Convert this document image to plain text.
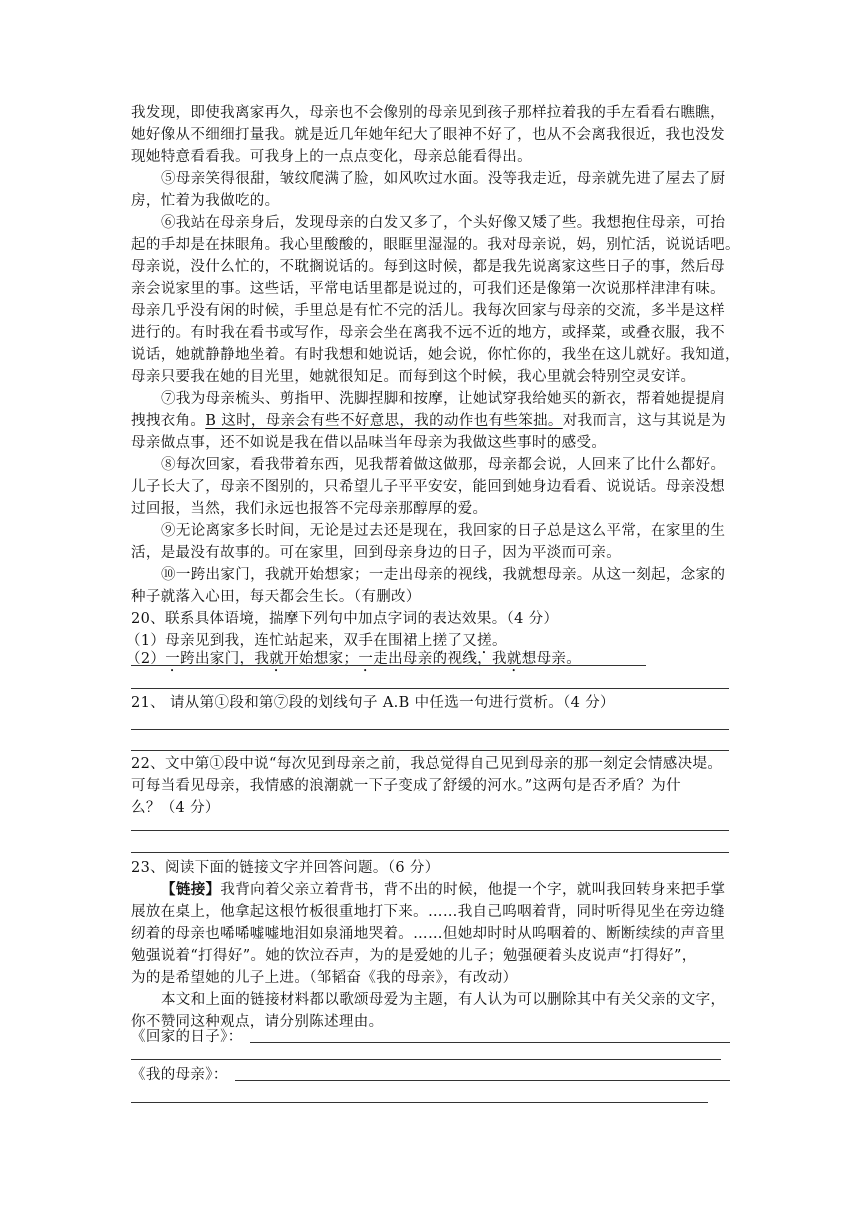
我发现，即使我离家再久，母亲也不会像别的母亲见到孩子那样拉着我的手左看看右瞧瞧，
她好像从不细细打量我。就是近几年她年纪大了眼神不好了，也从不会离我很近，我也没发
现她特意看看我。可我身上的一点点变化，母亲总能看得出。
⑤母亲笑得很甜，皱纹爬满了脸，如风吹过水面。没等我走近，母亲就先进了屋去了厨
房，忙着为我做吃的。
⑥我站在母亲身后，发现母亲的白发又多了，个头好像又矮了些。我想抱住母亲，可抬
起的手却是在抹眼角。我心里酸酸的，眼眶里湿湿的。我对母亲说，妈，别忙活，说说话吧。
母亲说，没什么忙的，不耽搁说话的。每到这时候，都是我先说离家这些日子的事，然后母
亲会说家里的事。这些话，平常电话里都是说过的，可我们还是像第一次说那样津津有味。
母亲几乎没有闲的时候，手里总是有忙不完的活儿。我每次回家与母亲的交流，多半是这样
进行的。有时我在看书或写作，母亲会坐在离我不远不近的地方，或择菜，或叠衣服，我不
说话，她就静静地坐着。有时我想和她说话，她会说，你忙你的，我坐在这儿就好。我知道，
母亲只要我在她的目光里，她就很知足。而每到这个时候，我心里就会特别空灵安详。
⑦我为母亲梳头、剪指甲、洗脚捏脚和按摩，让她试穿我给她买的新衣，帮着她提提肩
拽拽衣角。B 这时，母亲会有些不好意思，我的动作也有些笨拙。对我而言，这与其说是为
母亲做点事，还不如说是我在借以品味当年母亲为我做这些事时的感受。
⑧每次回家，看我带着东西，见我帮着做这做那，母亲都会说，人回来了比什么都好。
儿子长大了，母亲不图别的，只希望儿子平平安安，能回到她身边看看、说说话。母亲没想
过回报，当然，我们永远也报答不完母亲那醇厚的爱。
⑨无论离家多长时间，无论是过去还是现在，我回家的日子总是这么平常，在家里的生
活，是最没有故事的。可在家里，回到母亲身边的日子，因为平淡而可亲。
⑩一跨出家门，我就开始想家；一走出母亲的视线，我就想母亲。从这一刻起，念家的
种子就落入心田，每天都会生长。（有删改）
20、联系具体语境，揣摩下列句中加点字词的表达效果。（4 分）
（1）母亲见到我，连忙站起来，双手在围裙上搓了又搓。
（2）一跨出家门，我就开始想家；一走出母亲的视线，我就想母亲。
21、 请从第①段和第⑦段的划线句子 A.B 中任选一句进行赏析。（4 分）
22、文中第①段中说“每次见到母亲之前，我总觉得自己见到母亲的那一刻定会情感决堤。
可每当看见母亲，我情感的浪潮就一下子变成了舒缓的河水。”这两句是否矛盾？为什
么？（4 分）
23、阅读下面的链接文字并回答问题。（6 分）
【链接】我背向着父亲立着背书，背不出的时候，他提一个字，就叫我回转身来把手掌
展放在桌上，他拿起这根竹板很重地打下来。……我自己呜咽着背，同时听得见坐在旁边缝
纫着的母亲也唏唏嘘嘘地泪如泉涌地哭着。……但她却时时从呜咽着的、断断续续的声音里
勉强说着“打得好”。她的饮泣吞声，为的是爱她的儿子；勉强硬着头皮说声“打得好”，
为的是希望她的儿子上进。（邹韬奋《我的母亲》，有改动）
本文和上面的链接材料都以歌颂母爱为主题，有人认为可以删除其中有关父亲的文字，
你不赞同这种观点，请分别陈述理由。
《回家的日子》：
《我的母亲》：
